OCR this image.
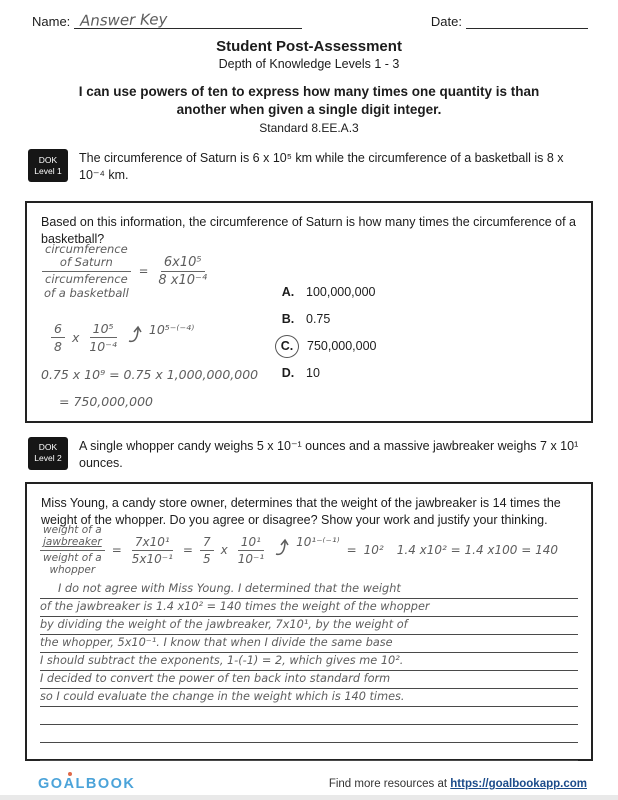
Name: Answer Key	Date:
Student Post-Assessment
Depth of Knowledge Levels 1 - 3
I can use powers of ten to express how many times one quantity is than another when given a single digit integer.
Standard 8.EE.A.3
DOK
Level 1
The circumference of Saturn is 6 x 10⁵ km while the circumference of a basketball is 8 x 10⁻⁴ km.
Based on this information, the circumference of Saturn is how many times the circumference of a basketball?
circumference
of Saturn
circumference
of a basketball = $\frac{\text{6x10⁵}}{\text{8 x10⁻⁴}}$
$\frac{6}{8}$ x $\frac{\text{10⁵}}{\text{10⁻⁴}} 10^{5-(-4)}$
0.75 x 10⁹ = 0.75 x 1,000,000,000
= 750,000,000
A. 100,000,000
B. 0.75
C.	750,000,000
D. 10
DOK
Level 2
A single whopper candy weighs 5 x 10⁻¹ ounces and a massive jawbreaker weighs 7 x 10¹ ounces.
Miss Young, a candy store owner, determines that the weight of the jawbreaker is 14 times the weight of the whopper. Do you agree or disagree? Show your work and justify your thinking.
weight of a
jawbreaker
weight of a
whopper = $\frac{\text{7x10¹}}{\text{5x10⁻¹}} = \frac{7}{5}$ x $\frac{\text{10¹}}{\text{10⁻¹}} 10^{1-(-1)}$
= 10² 1.4 x10² = 1.4 x100 = 140
I do not agree with Miss Young. I determined that the weight
of the jawbreaker is 1.4 x10² = 140 times the weight of the whopper
by dividing the weight of the jawbreaker, 7x10¹, by the weight of
the whopper, 5x10⁻¹. I know that when I divide the same base
I should subtract the exponents, 1-(-1) = 2, which gives me 10².
I decided to convert the power of ten back into standard form
so I could evaluate the change in the weight which is 140 times.
GO A LBOOK	Find more resources at https://goalbookapp.com
